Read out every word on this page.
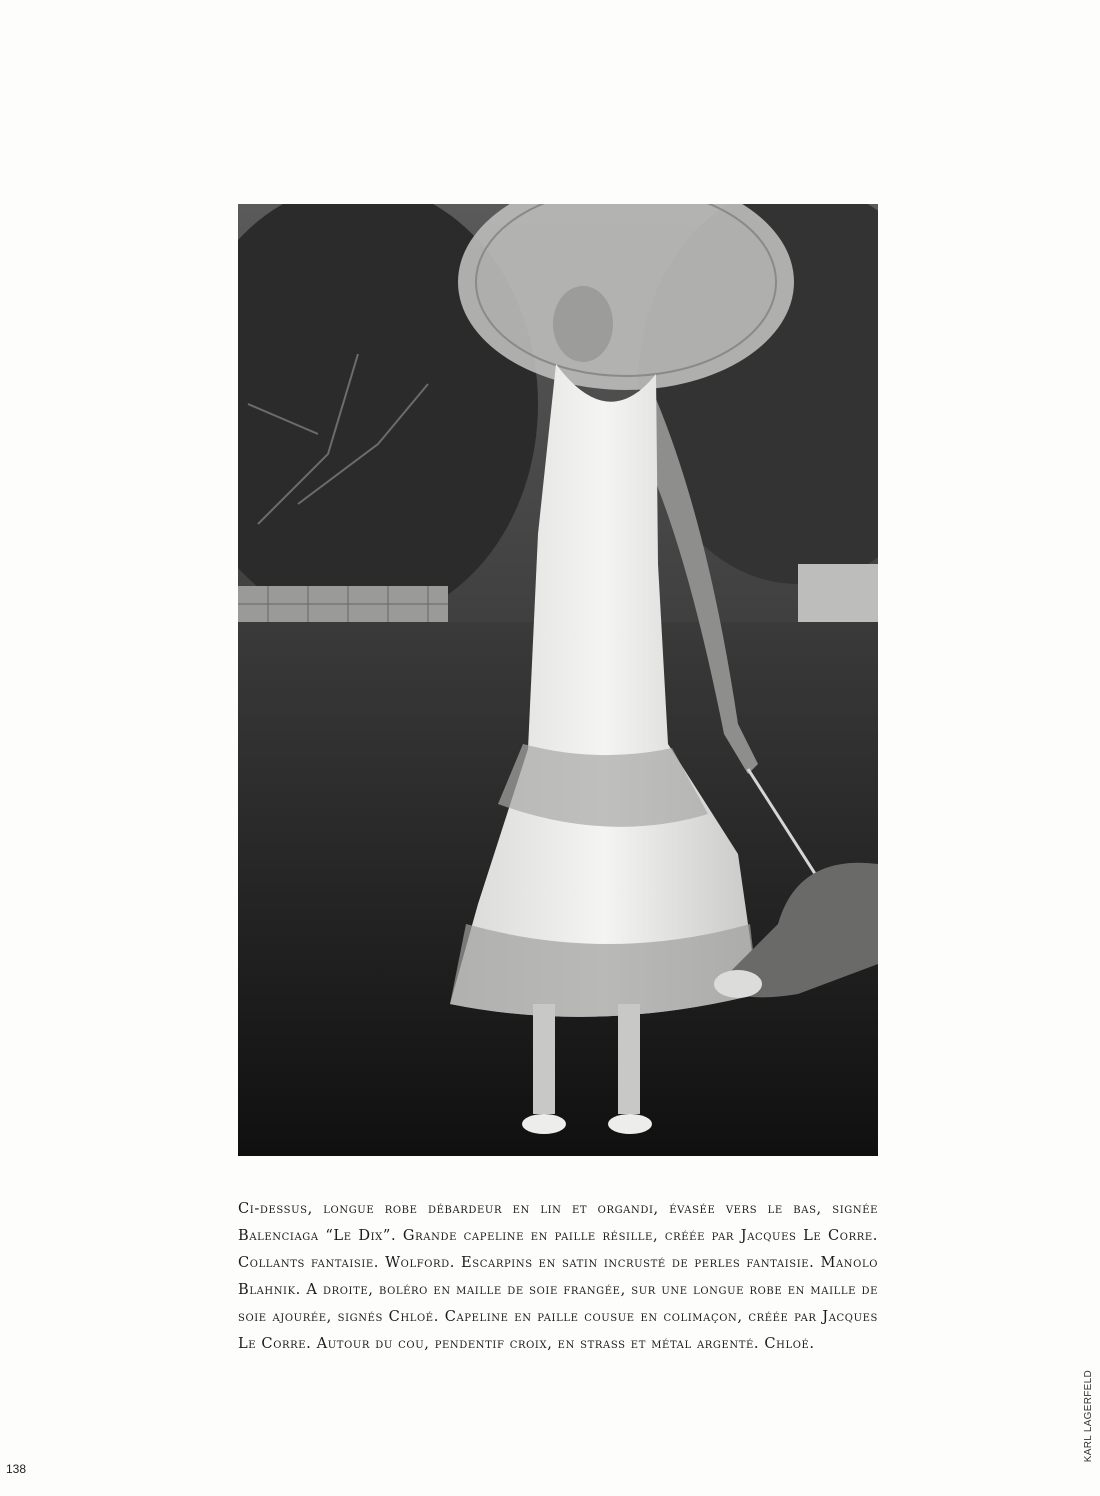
Ci-dessus, longue robe débardeur en lin et organdi, évasée vers le bas, signée Balenciaga “Le Dix”. Grande capeline en paille résille, créée par Jacques Le Corre. Collants fantaisie. Wolford. Escarpins en satin incrusté de perles fantaisie. Manolo Blahnik. A droite, boléro en maille de soie frangée, sur une longue robe en maille de soie ajourée, signés Chloé. Capeline en paille cousue en colimaçon, créée par Jacques Le Corre. Autour du cou, pendentif croix, en strass et métal argenté. Chloé.

138
KARL LAGERFELD
